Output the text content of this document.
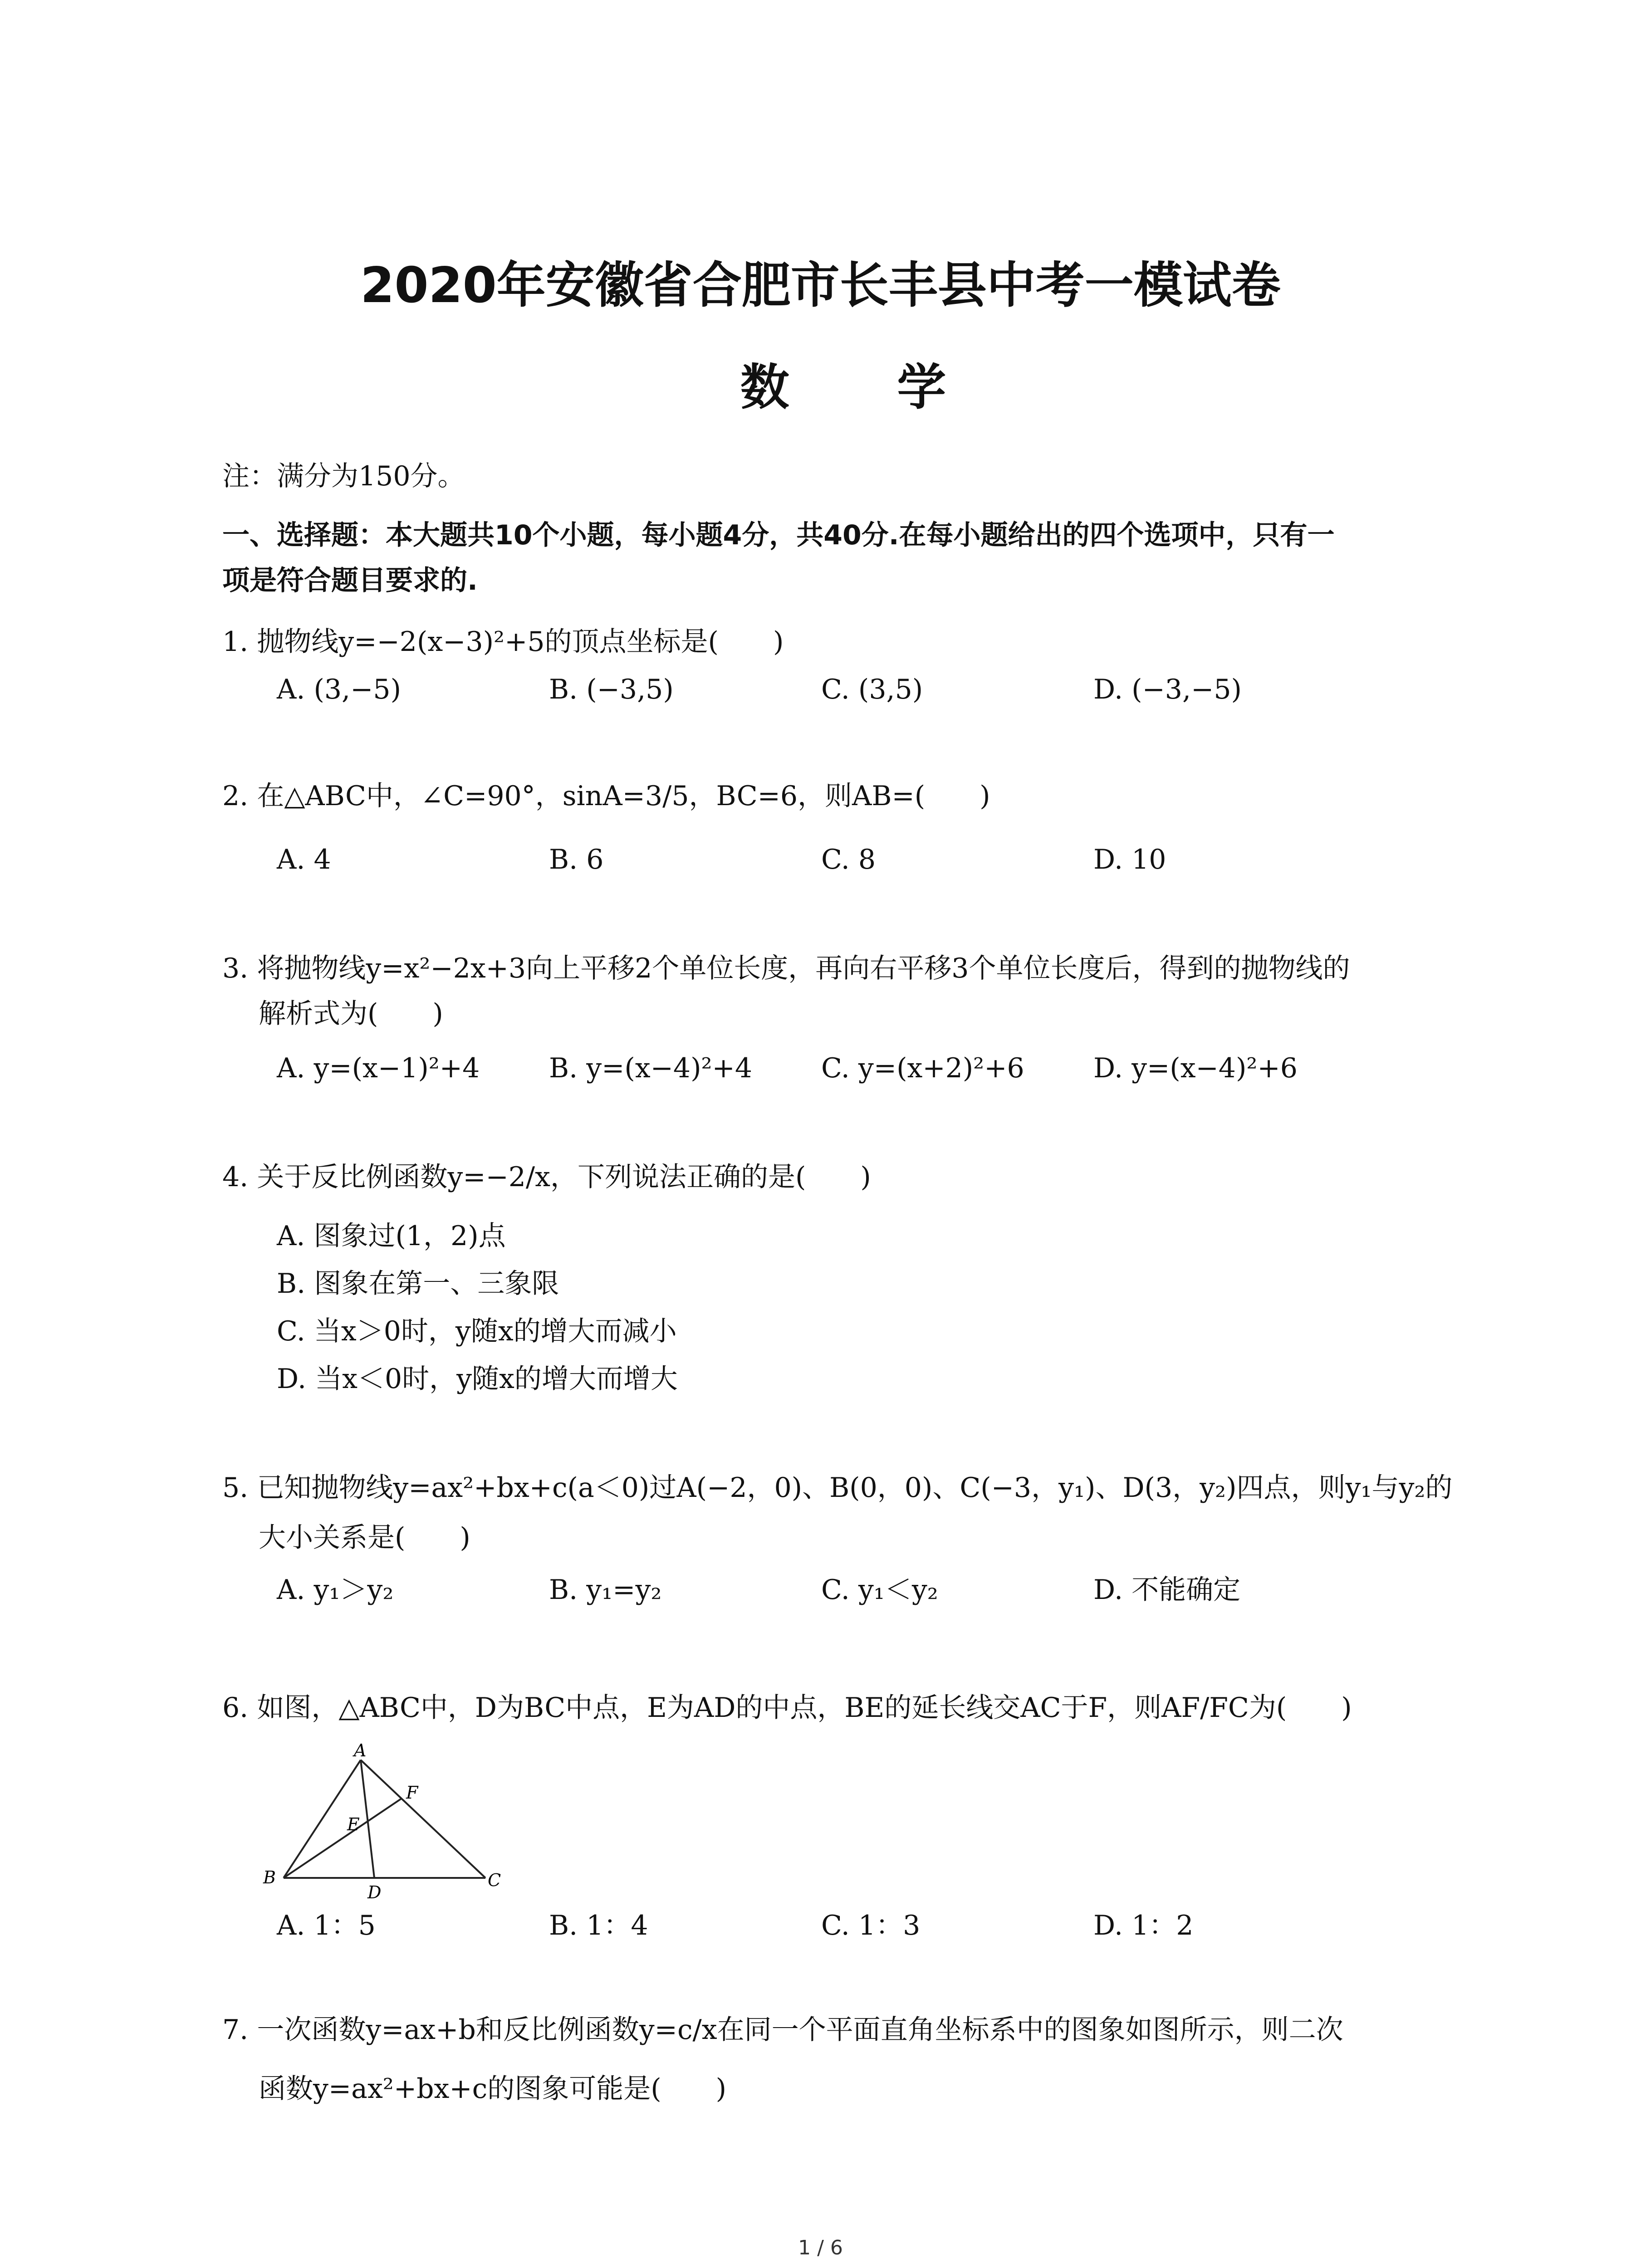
2020年安徽省合肥市长丰县中考一模试卷
数 学
注：满分为150分。
一、选择题：本大题共10个小题，每小题4分，共40分.在每小题给出的四个选项中，只有一
项是符合题目要求的.
1. 抛物线y=−2(x−3)²+5的顶点坐标是(　　)
A. (3,−5)	B. (−3,5)	C. (3,5)	D. (−3,−5)
2. 在△ABC中，∠C=90°，sinA=3/5，BC=6，则AB=(　　)
A. 4	B. 6	C. 8	D. 10
3. 将抛物线y=x²−2x+3向上平移2个单位长度，再向右平移3个单位长度后，得到的抛物线的
解析式为(　　)
A. y=(x−1)²+4	B. y=(x−4)²+4	C. y=(x+2)²+6	D. y=(x−4)²+6
4. 关于反比例函数y=−2/x，下列说法正确的是(　　)
A. 图象过(1，2)点
B. 图象在第一、三象限
C. 当x＞0时，y随x的增大而减小
D. 当x＜0时，y随x的增大而增大
5. 已知抛物线y=ax²+bx+c(a＜0)过A(−2，0)、B(0，0)、C(−3，y₁)、D(3，y₂)四点，则y₁与y₂的
大小关系是(　　)
A. y₁＞y₂	B. y₁=y₂	C. y₁＜y₂	D. 不能确定
6. 如图，△ABC中，D为BC中点，E为AD的中点，BE的延长线交AC于F，则AF/FC为(　　)
A
B	C
D
E
F
A. 1：5	B. 1：4	C. 1：3	D. 1：2
7. 一次函数y=ax+b和反比例函数y=c/x在同一个平面直角坐标系中的图象如图所示，则二次
函数y=ax²+bx+c的图象可能是(　　)
1 / 6
